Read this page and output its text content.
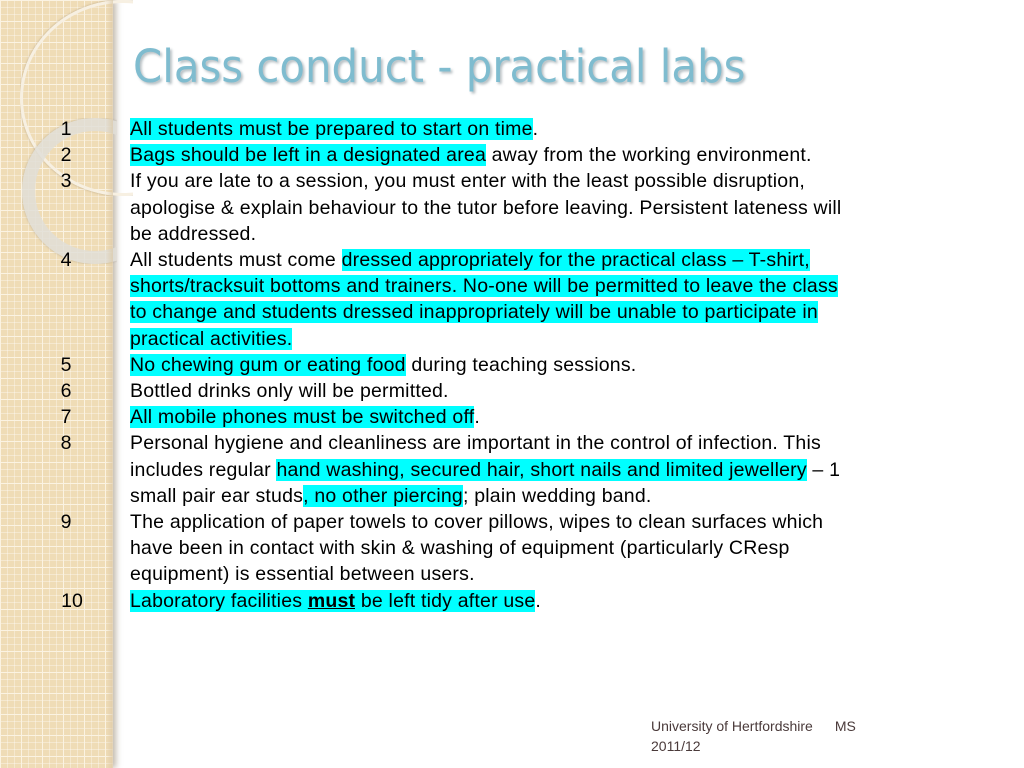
Class conduct - practical labs
1	All students must be prepared to start on time.
2	Bags should be left in a designated area away from the working environment.
3	If you are late to a session, you must enter with the least possible disruption, apologise & explain behaviour to the tutor before leaving. Persistent lateness will be addressed.
4	All students must come dressed appropriately for the practical class – T-shirt, shorts/tracksuit bottoms and trainers. No-one will be permitted to leave the class to change and students dressed inappropriately will be unable to participate in practical activities.
5	No chewing gum or eating food during teaching sessions.
6	Bottled drinks only will be permitted.
7	All mobile phones must be switched off.
8	Personal hygiene and cleanliness are important in the control of infection. This includes regular hand washing, secured hair, short nails and limited jewellery – 1 small pair ear studs, no other piercing; plain wedding band.
9	The application of paper towels to cover pillows, wipes to clean surfaces which have been in contact with skin & washing of equipment (particularly CResp equipment) is essential between users.
10	Laboratory facilities must be left tidy after use.
University of Hertfordshire MS
2011/12
